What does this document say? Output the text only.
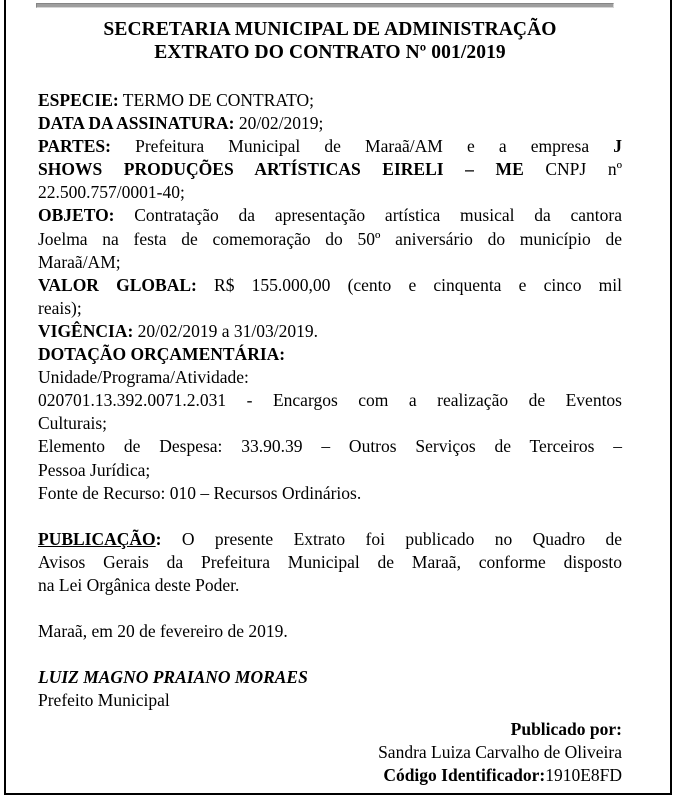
SECRETARIA MUNICIPAL DE ADMINISTRAÇÃO
EXTRATO DO CONTRATO Nº 001/2019
ESPECIE: TERMO DE CONTRATO;
DATA DA ASSINATURA: 20/02/2019;
PARTES: Prefeitura Municipal de Maraã/AM e a empresa J
SHOWS PRODUÇÕES ARTÍSTICAS EIRELI – ME CNPJ nº
22.500.757/0001-40;
OBJETO: Contratação da apresentação artística musical da cantora
Joelma na festa de comemoração do 50º aniversário do município de
Maraã/AM;
VALOR GLOBAL: R$ 155.000,00 (cento e cinquenta e cinco mil
reais);
VIGÊNCIA: 20/02/2019 a 31/03/2019.
DOTAÇÃO ORÇAMENTÁRIA:
Unidade/Programa/Atividade:
020701.13.392.0071.2.031 - Encargos com a realização de Eventos
Culturais;
Elemento de Despesa: 33.90.39 – Outros Serviços de Terceiros –
Pessoa Jurídica;
Fonte de Recurso: 010 – Recursos Ordinários.
PUBLICAÇÃO: O presente Extrato foi publicado no Quadro de
Avisos Gerais da Prefeitura Municipal de Maraã, conforme disposto
na Lei Orgânica deste Poder.
Maraã, em 20 de fevereiro de 2019.
LUIZ MAGNO PRAIANO MORAES
Prefeito Municipal
Publicado por:
Sandra Luiza Carvalho de Oliveira
Código Identificador:1910E8FD
